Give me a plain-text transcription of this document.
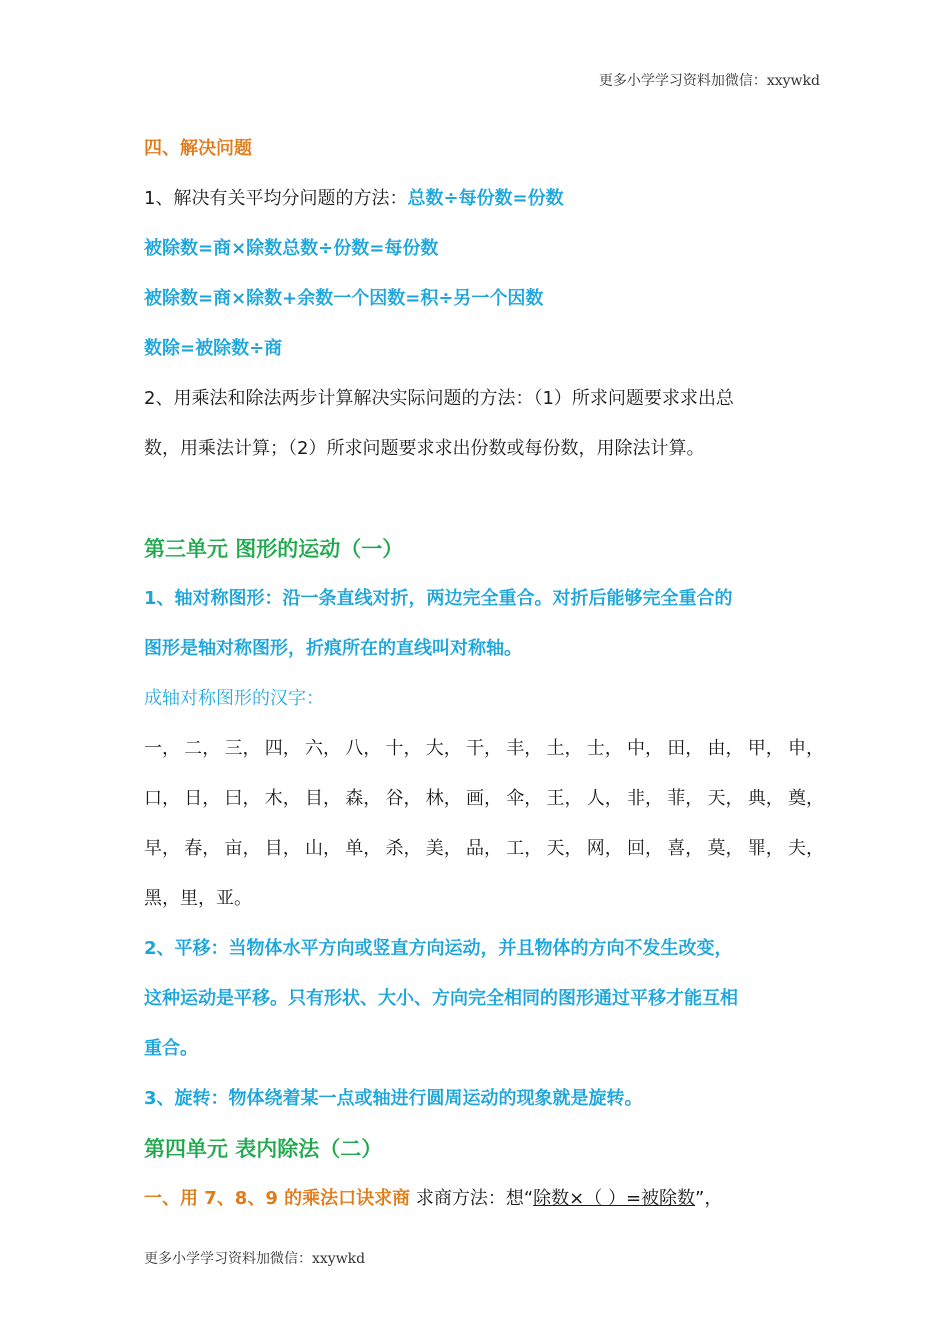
更多小学学习资料加微信：xxywkd
四、解决问题
1、解决有关平均分问题的方法：总数÷每份数=份数
被除数=商×除数总数÷份数=每份数
被除数=商×除数+余数一个因数=积÷另一个因数
数除=被除数÷商
2、用乘法和除法两步计算解决实际问题的方法：（1）所求问题要求求出总
数，用乘法计算；（2）所求问题要求求出份数或每份数，用除法计算。
第三单元 图形的运动（一）
1、轴对称图形：沿一条直线对折，两边完全重合。对折后能够完全重合的
图形是轴对称图形，折痕所在的直线叫对称轴。
成轴对称图形的汉字：
一， 二， 三， 四， 六， 八， 十， 大， 干， 丰， 土， 士， 中， 田， 由， 甲， 申，
口， 日， 曰， 木， 目， 森， 谷， 林， 画， 伞， 王， 人， 非， 菲， 天， 典， 奠，
早， 春， 亩， 目， 山， 单， 杀， 美， 品， 工， 天， 网， 回， 喜， 莫， 罪， 夫，
黑，里，亚。
2、平移：当物体水平方向或竖直方向运动，并且物体的方向不发生改变，
这种运动是平移。只有形状、大小、方向完全相同的图形通过平移才能互相
重合。
3、旋转：物体绕着某一点或轴进行圆周运动的现象就是旋转。
第四单元 表内除法（二）
一、用 7、8、9 的乘法口诀求商 求商方法：想“除数×（ ）=被除数”，
更多小学学习资料加微信：xxywkd
